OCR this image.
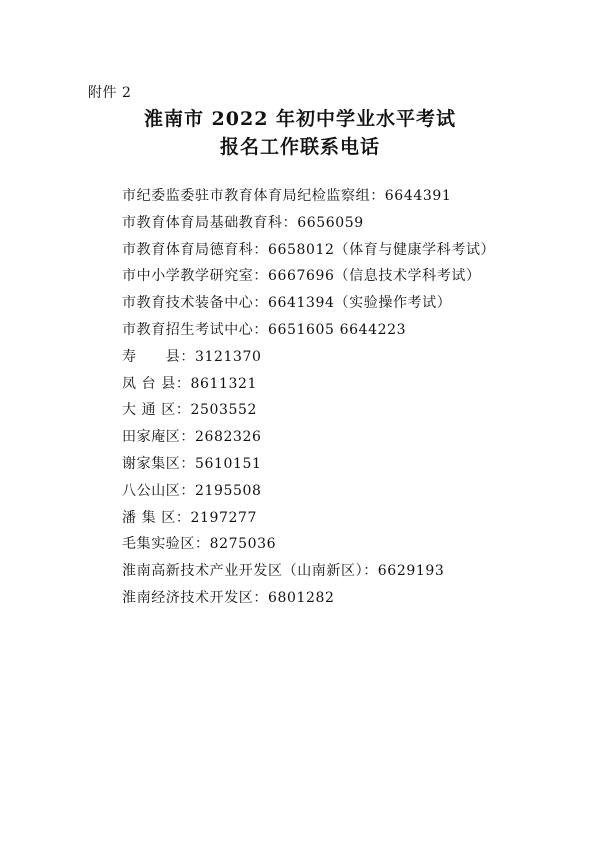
附件 2
淮南市 2022 年初中学业水平考试
报名工作联系电话
市纪委监委驻市教育体育局纪检监察组：6644391
市教育体育局基础教育科：6656059
市教育体育局德育科：6658012（体育与健康学科考试）
市中小学教学研究室：6667696（信息技术学科考试）
市教育技术装备中心：6641394（实验操作考试）
市教育招生考试中心：6651605 6644223
寿　　县：3121370
凤 台 县：8611321
大 通 区：2503552
田家庵区：2682326
谢家集区：5610151
八公山区：2195508
潘 集 区：2197277
毛集实验区：8275036
淮南高新技术产业开发区（山南新区）：6629193
淮南经济技术开发区：6801282
